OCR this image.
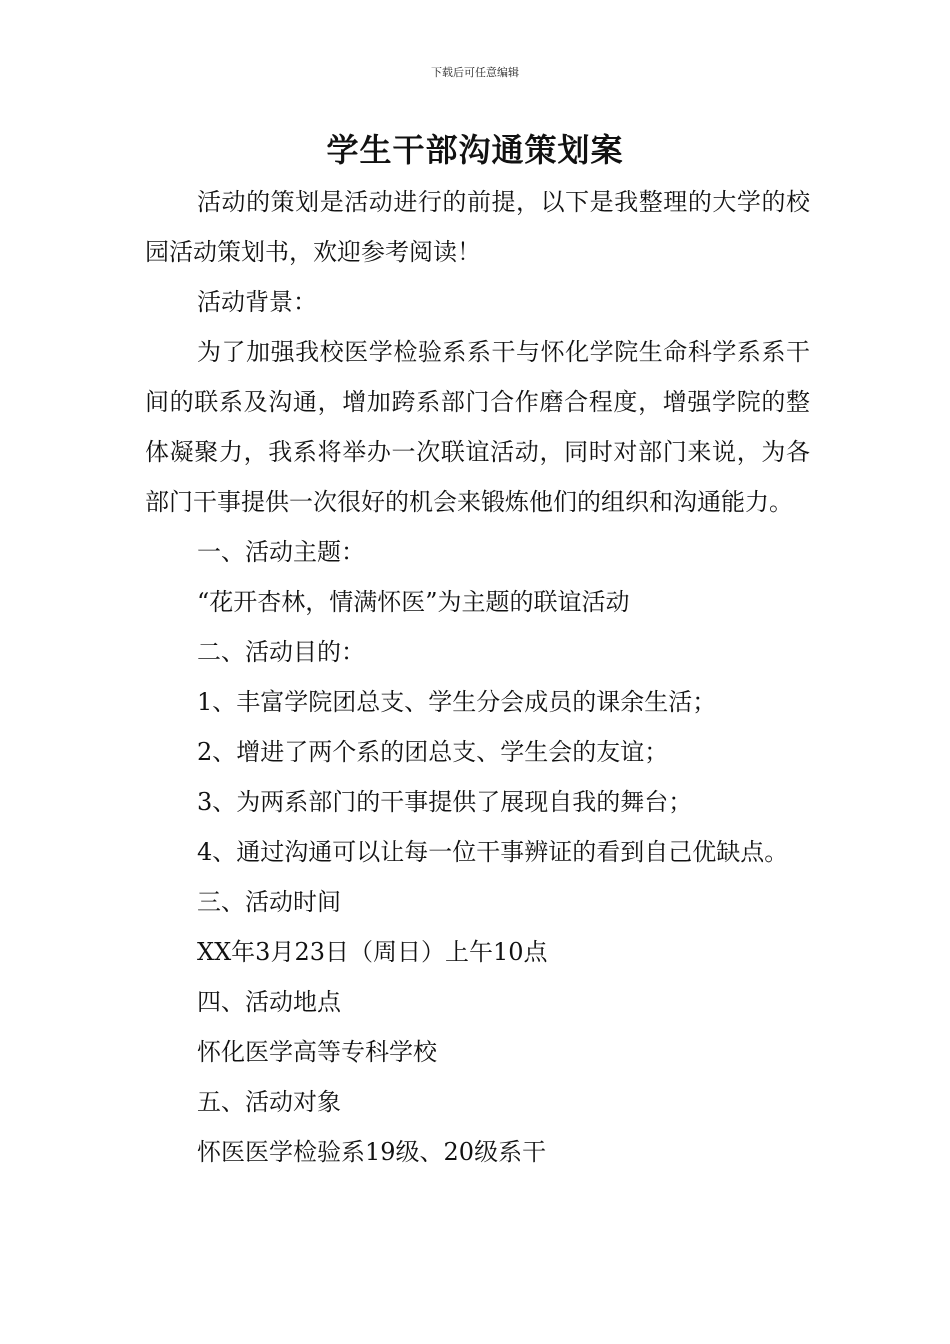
下载后可任意编辑
学生干部沟通策划案

活动的策划是活动进行的前提，以下是我整理的大学的校园活动策划书，欢迎参考阅读！

活动背景：

为了加强我校医学检验系系干与怀化学院生命科学系系干间的联系及沟通，增加跨系部门合作磨合程度，增强学院的整体凝聚力，我系将举办一次联谊活动，同时对部门来说，为各部门干事提供一次很好的机会来锻炼他们的组织和沟通能力。

一、活动主题：

“花开杏林，情满怀医”为主题的联谊活动

二、活动目的：

1、丰富学院团总支、学生分会成员的课余生活；

2、增进了两个系的团总支、学生会的友谊；

3、为两系部门的干事提供了展现自我的舞台；

4、通过沟通可以让每一位干事辨证的看到自己优缺点。

三、活动时间

XX年3月23日（周日）上午10点

四、活动地点

怀化医学高等专科学校

五、活动对象

怀医医学检验系19级、20级系干
